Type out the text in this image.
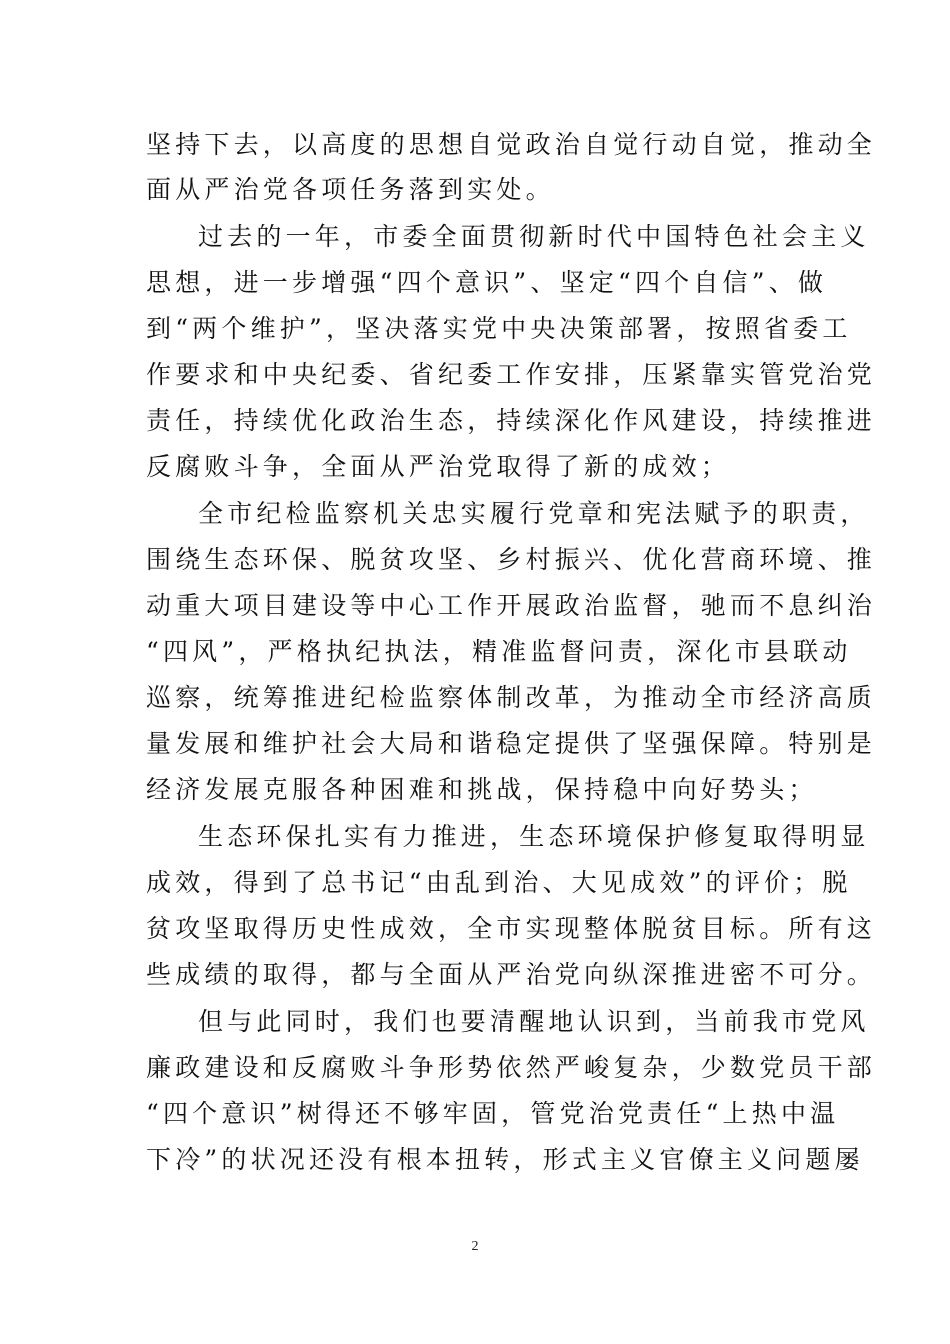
坚持下去，以高度的思想自觉政治自觉行动自觉，推动全
面从严治党各项任务落到实处。
过去的一年，市委全面贯彻新时代中国特色社会主义
思想，进一步增强“四个意识”、坚定“四个自信”、做
到“两个维护”，坚决落实党中央决策部署，按照省委工
作要求和中央纪委、省纪委工作安排，压紧靠实管党治党
责任，持续优化政治生态，持续深化作风建设，持续推进
反腐败斗争，全面从严治党取得了新的成效；
全市纪检监察机关忠实履行党章和宪法赋予的职责，
围绕生态环保、脱贫攻坚、乡村振兴、优化营商环境、推
动重大项目建设等中心工作开展政治监督，驰而不息纠治
“四风”，严格执纪执法，精准监督问责，深化市县联动
巡察，统筹推进纪检监察体制改革，为推动全市经济高质
量发展和维护社会大局和谐稳定提供了坚强保障。特别是
经济发展克服各种困难和挑战，保持稳中向好势头；
生态环保扎实有力推进，生态环境保护修复取得明显
成效，得到了总书记“由乱到治、大见成效”的评价；脱
贫攻坚取得历史性成效，全市实现整体脱贫目标。所有这
些成绩的取得，都与全面从严治党向纵深推进密不可分。
但与此同时，我们也要清醒地认识到，当前我市党风
廉政建设和反腐败斗争形势依然严峻复杂，少数党员干部
“四个意识”树得还不够牢固，管党治党责任“上热中温
下冷”的状况还没有根本扭转，形式主义官僚主义问题屡
2
